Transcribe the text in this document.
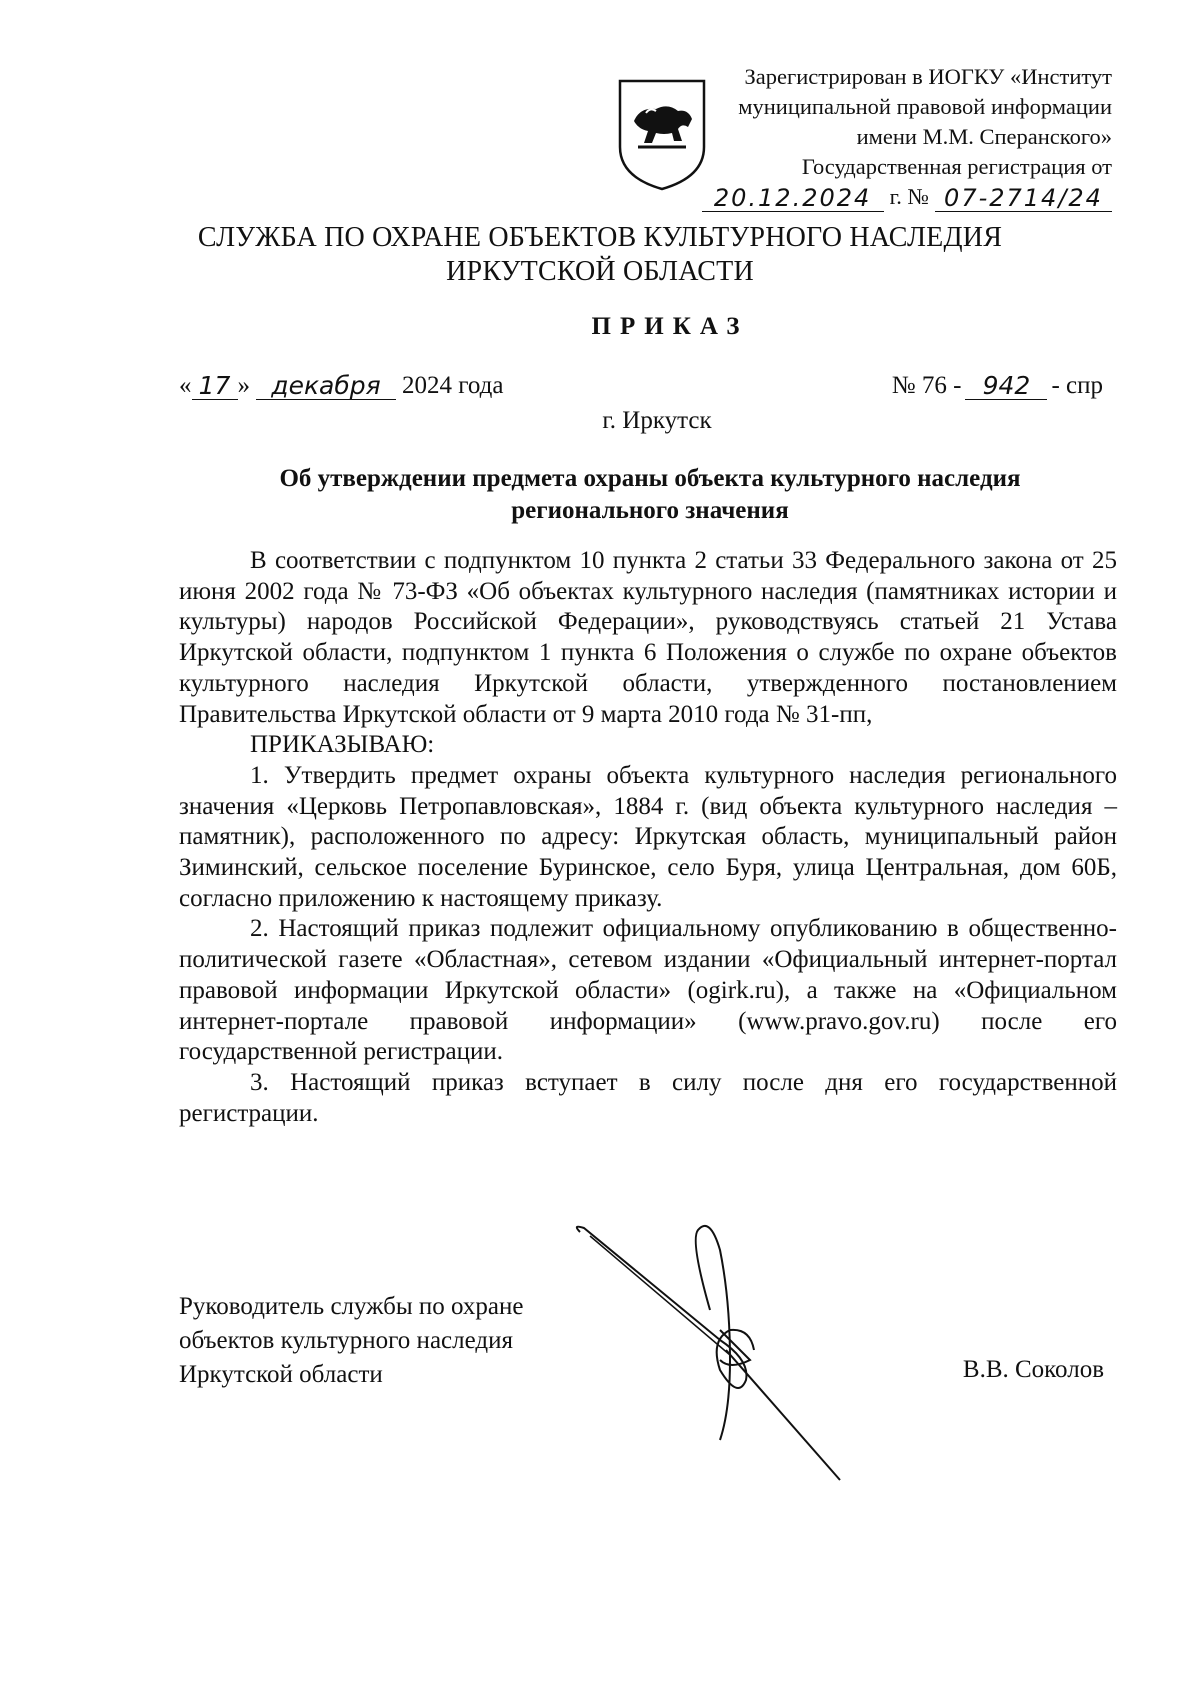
Зарегистрирован в ИОГКУ «Институт
муниципальной правовой информации
имени М.М. Сперанского»
Государственная регистрация от
20.12.2024 г. № 07-2714/24
СЛУЖБА ПО ОХРАНЕ ОБЪЕКТОВ КУЛЬТУРНОГО НАСЛЕДИЯ
ИРКУТСКОЙ ОБЛАСТИ
ПРИКАЗ
« 17 » декабря 2024 года	№ 76 - 942 - спр
г. Иркутск
Об утверждении предмета охраны объекта культурного наследия
регионального значения

В соответствии с подпунктом 10 пункта 2 статьи 33 Федерального закона от 25 июня 2002 года № 73-ФЗ «Об объектах культурного наследия (памятниках истории и культуры) народов Российской Федерации», руководствуясь статьей 21 Устава Иркутской области, подпунктом 1 пункта 6 Положения о службе по охране объектов культурного наследия Иркутской области, утвержденного постановлением Правительства Иркутской области от 9 марта 2010 года № 31-пп,

ПРИКАЗЫВАЮ:

1. Утвердить предмет охраны объекта культурного наследия регионального значения «Церковь Петропавловская», 1884 г. (вид объекта культурного наследия – памятник), расположенного по адресу: Иркутская область, муниципальный район Зиминский, сельское поселение Буринское, село Буря, улица Центральная, дом 60Б, согласно приложению к настоящему приказу.

2. Настоящий приказ подлежит официальному опубликованию в общественно-политической газете «Областная», сетевом издании «Официальный интернет-портал правовой информации Иркутской области» (ogirk.ru), а также на «Официальном интернет-портале правовой информации» (www.pravo.gov.ru) после его государственной регистрации.

3. Настоящий приказ вступает в силу после дня его государственной регистрации.

Руководитель службы по охране
объектов культурного наследия
Иркутской области	В.В. Соколов
